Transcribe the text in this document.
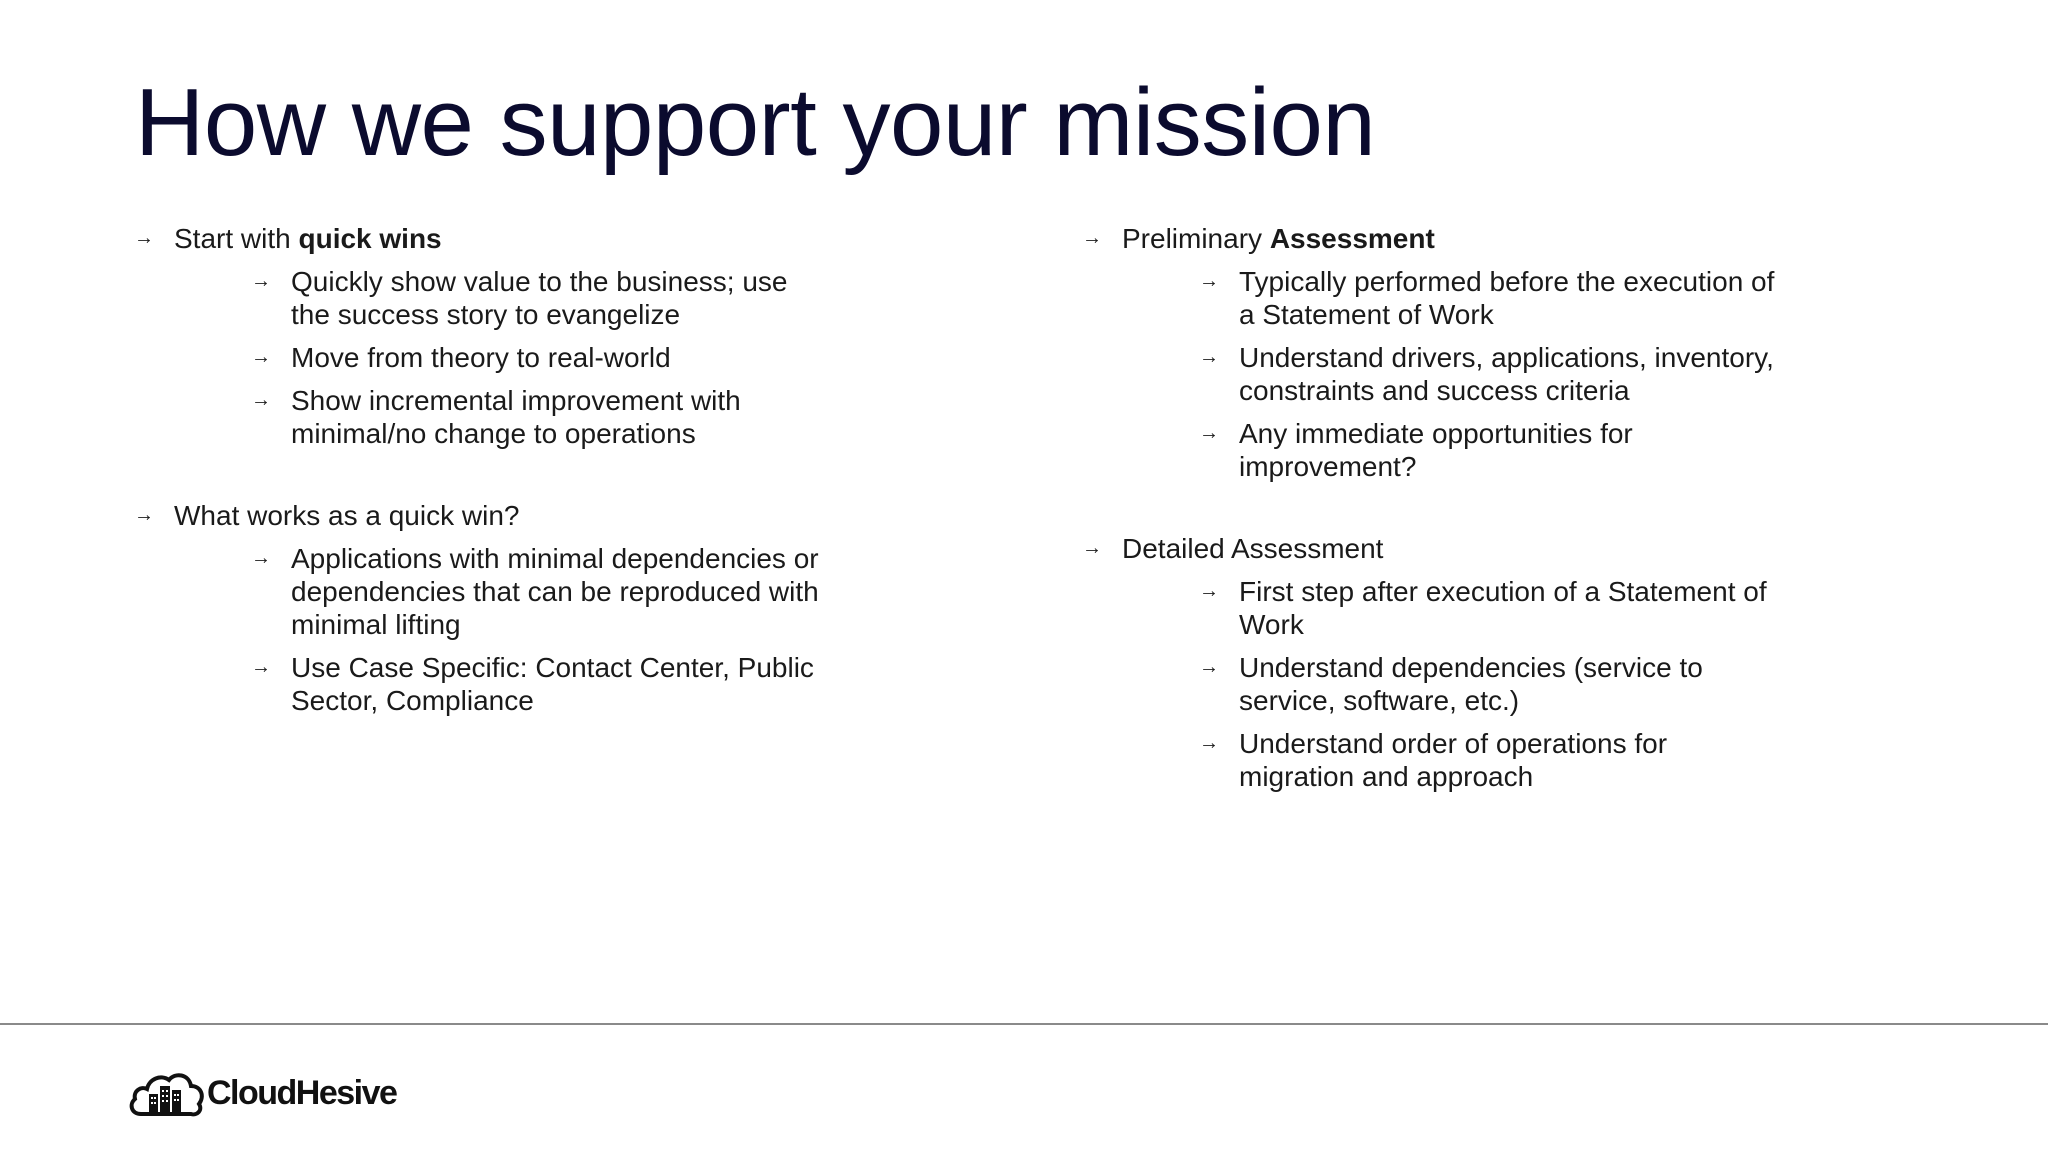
How we support your mission
→ Start with quick wins
→ Quickly show value to the business; use
the success story to evangelize
→ Move from theory to real-world
→ Show incremental improvement with
minimal/no change to operations
→ What works as a quick win?
→ Applications with minimal dependencies or
dependencies that can be reproduced with
minimal lifting
→ Use Case Specific: Contact Center, Public
Sector, Compliance
→ Preliminary Assessment
→ Typically performed before the execution of
a Statement of Work
→ Understand drivers, applications, inventory,
constraints and success criteria
→ Any immediate opportunities for
improvement?
→ Detailed Assessment
→ First step after execution of a Statement of
Work
→ Understand dependencies (service to
service, software, etc.)
→ Understand order of operations for
migration and approach
CloudHesive
